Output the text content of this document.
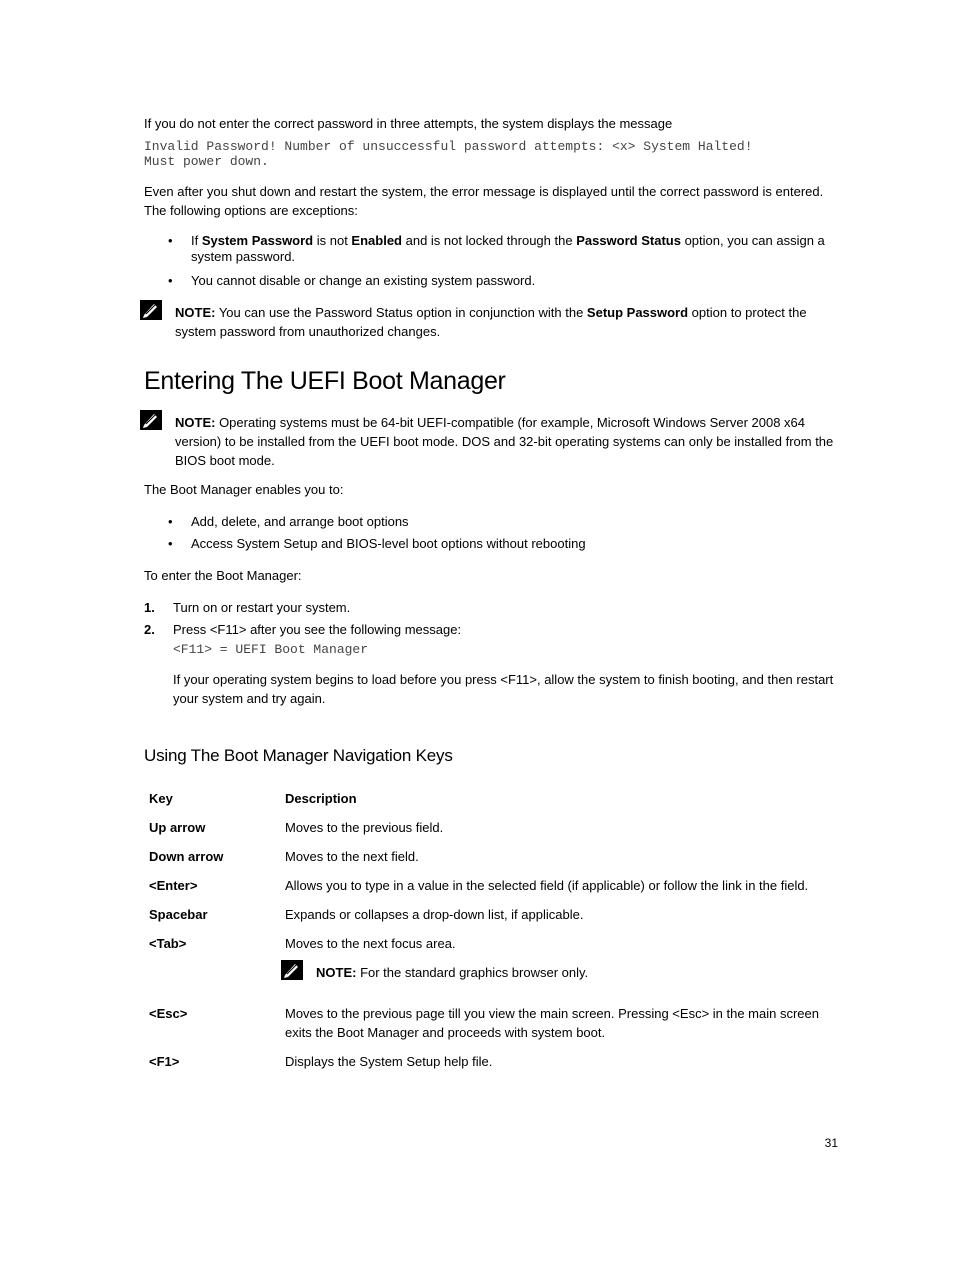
If you do not enter the correct password in three attempts, the system displays the message

Invalid Password! Number of unsuccessful password attempts: <x> System Halted!
Must power down.

Even after you shut down and restart the system, the error message is displayed until the correct password is entered. The following options are exceptions:

• If System Password is not Enabled and is not locked through the Password Status option, you can assign a system password.
• You cannot disable or change an existing system password.

NOTE: You can use the Password Status option in conjunction with the Setup Password option to protect the system password from unauthorized changes.

Entering The UEFI Boot Manager

NOTE: Operating systems must be 64-bit UEFI-compatible (for example, Microsoft Windows Server 2008 x64 version) to be installed from the UEFI boot mode. DOS and 32-bit operating systems can only be installed from the BIOS boot mode.

The Boot Manager enables you to:

• Add, delete, and arrange boot options
• Access System Setup and BIOS-level boot options without rebooting

To enter the Boot Manager:

1. Turn on or restart your system.
2. Press <F11> after you see the following message:
<F11> = UEFI Boot Manager

If your operating system begins to load before you press <F11>, allow the system to finish booting, and then restart your system and try again.

Using The Boot Manager Navigation Keys
Key	Description
Up arrow	Moves to the previous field.
Down arrow	Moves to the next field.
<Enter>	Allows you to type in a value in the selected field (if applicable) or follow the link in the field.
Spacebar	Expands or collapses a drop-down list, if applicable.
<Tab>	Moves to the next focus area.

NOTE: For the standard graphics browser only.

<Esc>	Moves to the previous page till you view the main screen. Pressing <Esc> in the main screen exits the Boot Manager and proceeds with system boot.
<F1>	Displays the System Setup help file.
31
